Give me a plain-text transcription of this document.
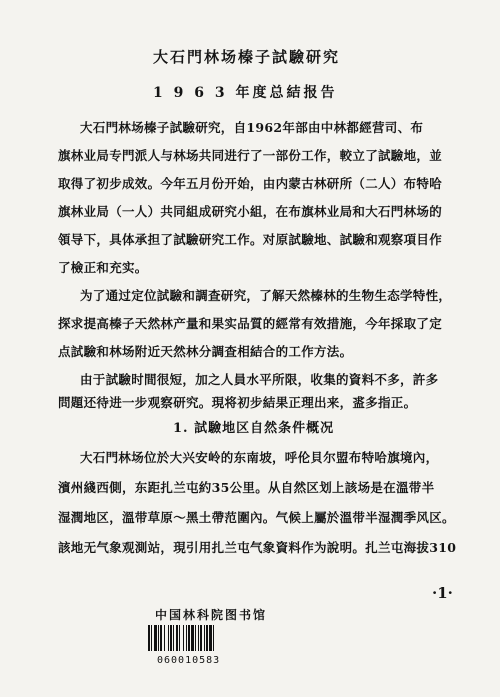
大石門林场榛子試驗研究
1 9 6 3 年度总結报告
大石門林场榛子試驗研究，自1962年部由中林都經营司、布
旗林业局专門派人与林场共同进行了一部份工作，較立了試驗地，並
取得了初步成效。今年五月份开始，由内蒙古林研所（二人）布特哈
旗林业局（一人）共同組成研究小組，在布旗林业局和大石門林场的
領导下，具体承担了試驗研究工作。对原試驗地、試驗和观察項目作
了檢正和充实。
为了通过定位試驗和調查研究，了解天然榛林的生物生态学特性，
探求提高榛子天然林产量和果实品質的經常有效措施，今年採取了定
点試驗和林场附近天然林分調查相結合的工作方法。
由于試驗时間很短，加之人員水平所限，收集的資料不多，許多
問題还待进一步观察研究。現将初步結果正理出来，盚多指正。
1. 試驗地区自然条件概况
大石門林场位於大兴安岭的东南坡，呼伦貝尔盟布特哈旗境內，
濱州綫西側，东距扎兰屯約35公里。从自然区划上該场是在溫带半
湿潤地区，溫带草原～黑土帶范圍內。气候上屬於溫带半湿潤季风区。
該地无气象观測站，現引用扎兰屯气象資料作为說明。扎兰屯海拔310
·1·
中国林科院图书馆
060010583
